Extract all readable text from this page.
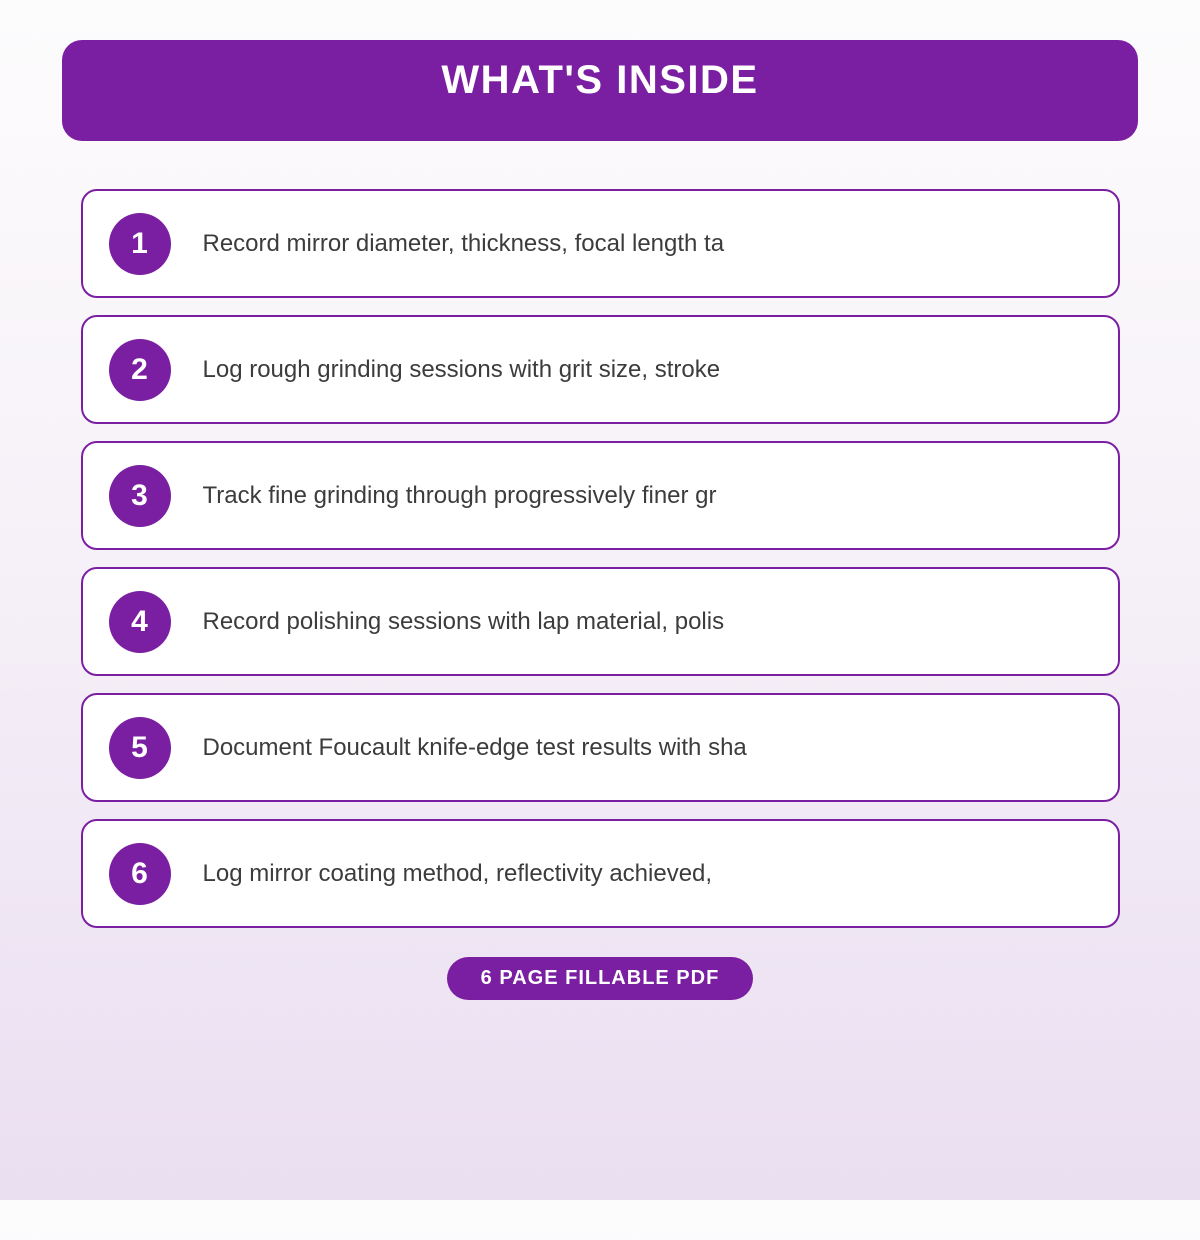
WHAT'S INSIDE
1 Record mirror diameter, thickness, focal length ta
2 Log rough grinding sessions with grit size, stroke
3 Track fine grinding through progressively finer gr
4 Record polishing sessions with lap material, polis
5 Document Foucault knife-edge test results with sha
6 Log mirror coating method, reflectivity achieved,
6 PAGE FILLABLE PDF
